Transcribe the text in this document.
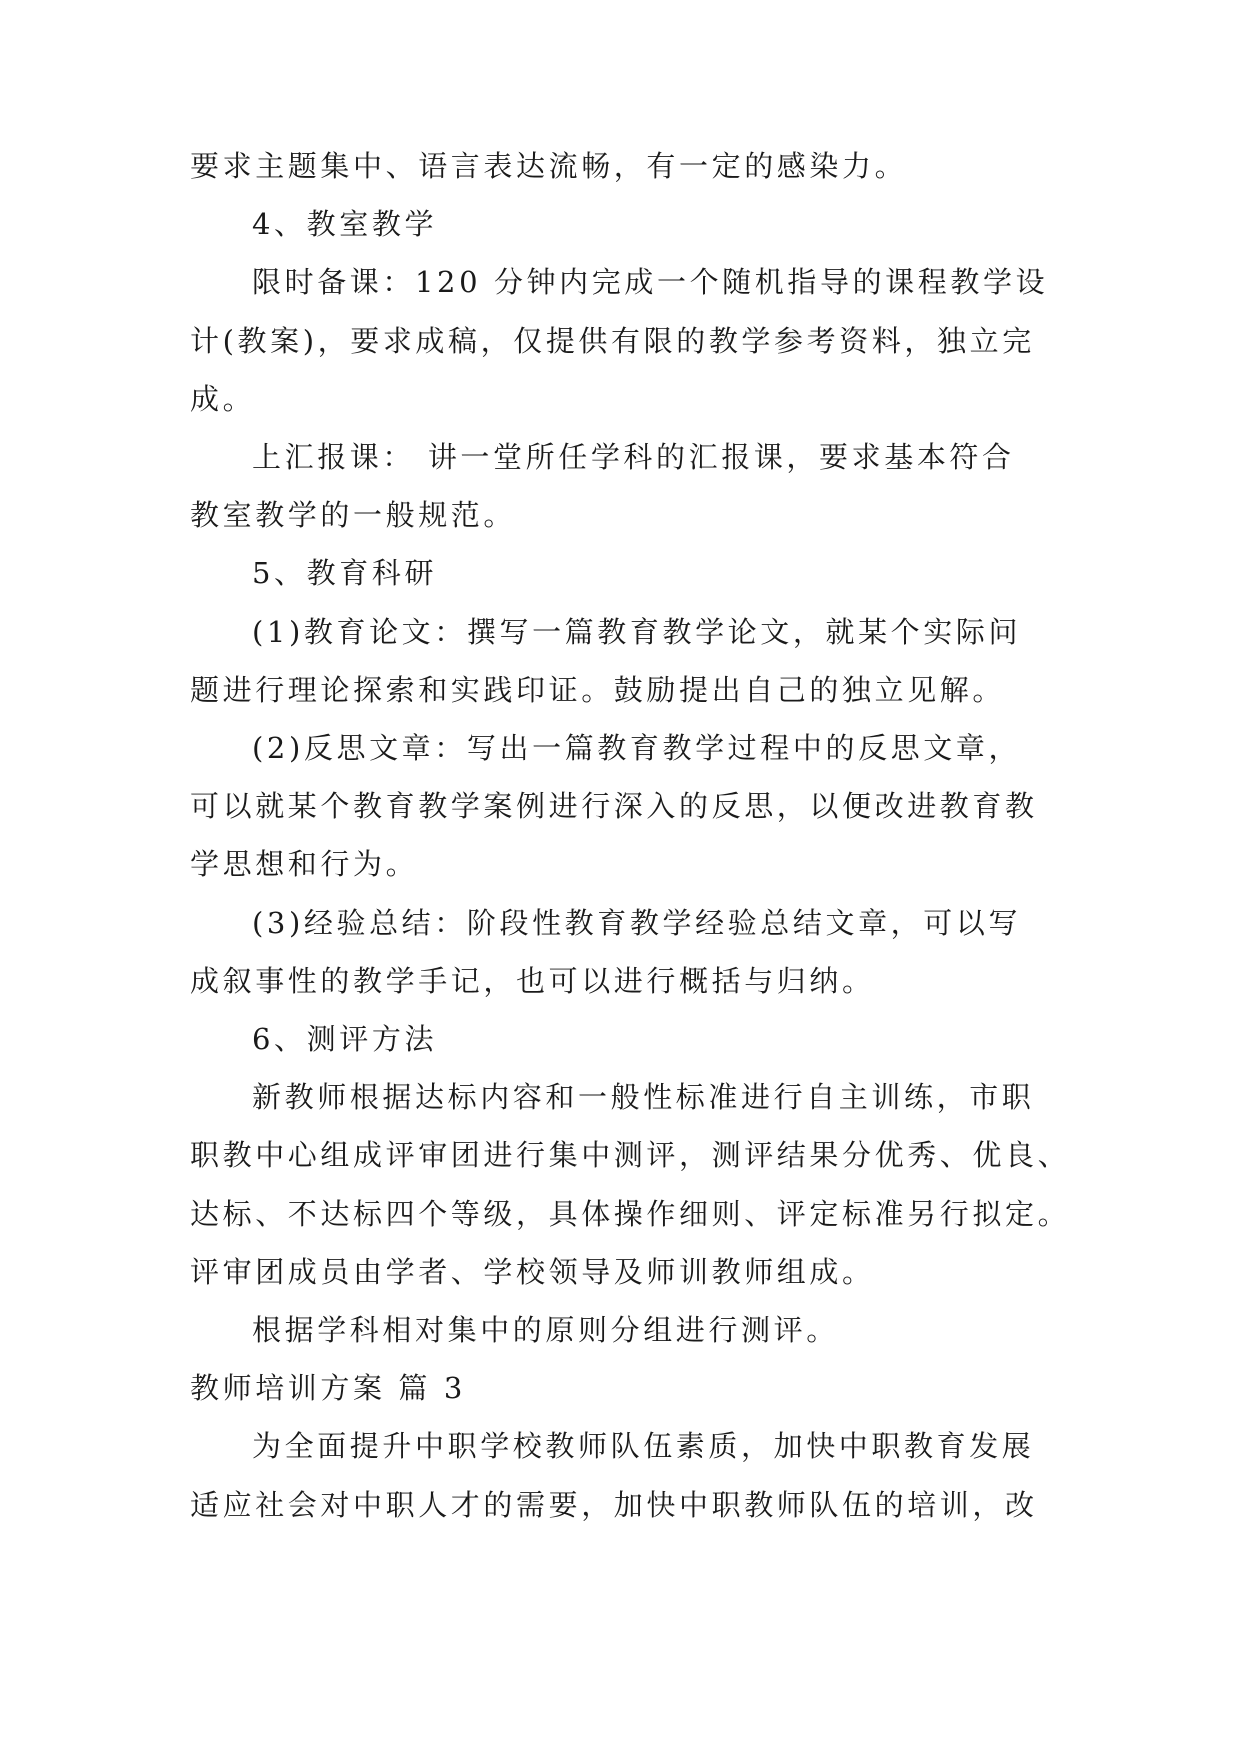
要求主题集中、语言表达流畅，有一定的感染力。
4、教室教学
限时备课：120 分钟内完成一个随机指导的课程教学设
计(教案)，要求成稿，仅提供有限的教学参考资料，独立完
成。
上汇报课： 讲一堂所任学科的汇报课，要求基本符合
教室教学的一般规范。
5、教育科研
(1)教育论文：撰写一篇教育教学论文，就某个实际问
题进行理论探索和实践印证。鼓励提出自己的独立见解。
(2)反思文章：写出一篇教育教学过程中的反思文章，
可以就某个教育教学案例进行深入的反思，以便改进教育教
学思想和行为。
(3)经验总结：阶段性教育教学经验总结文章，可以写
成叙事性的教学手记，也可以进行概括与归纳。
6、测评方法
新教师根据达标内容和一般性标准进行自主训练，市职
职教中心组成评审团进行集中测评，测评结果分优秀、优良、
达标、不达标四个等级，具体操作细则、评定标准另行拟定。
评审团成员由学者、学校领导及师训教师组成。
根据学科相对集中的原则分组进行测评。
教师培训方案 篇 3
为全面提升中职学校教师队伍素质，加快中职教育发展
适应社会对中职人才的需要，加快中职教师队伍的培训，改
